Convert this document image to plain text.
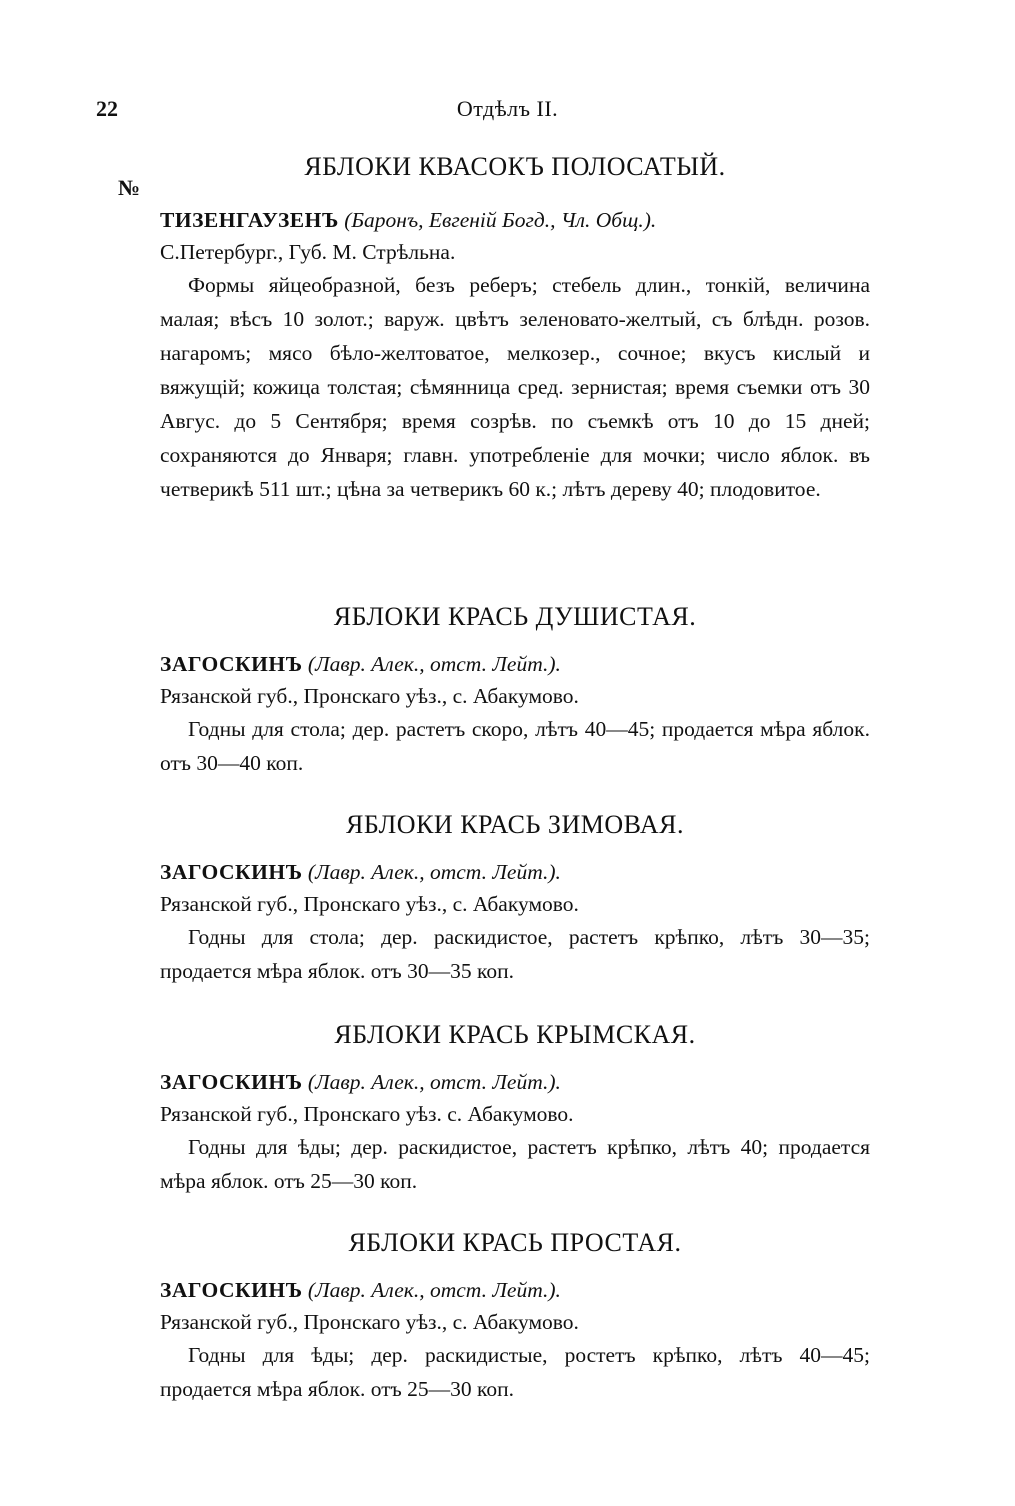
22	Отдѣлъ II.
№
ЯБЛОКИ КВАСОКЪ ПОЛОСАТЫЙ.
ТИЗЕНГАУЗЕНЪ (Баронъ, Евгеній Богд., Чл. Общ.).
С.Петербург., Губ. М. Стрѣльна.

Формы яйцеобразной, безъ реберъ; стебель длин., тонкій, величина малая; вѣсъ 10 золот.; варуж. цвѣтъ зеленовато-желтый, съ блѣдн. розов. нагаромъ; мясо бѣло-желтоватое, мелкозер., сочное; вкусъ кислый и вяжущій; кожица толстая; сѣмянница сред. зернистая; время съемки отъ 30 Авгус. до 5 Сентября; время созрѣв. по съемкѣ отъ 10 до 15 дней; сохраняются до Января; главн. употребленіе для мочки; число яблок. въ четверикѣ 511 шт.; цѣна за четверикъ 60 к.; лѣтъ дереву 40; плодовитое.

ЯБЛОКИ КРАСЬ ДУШИСТАЯ.
ЗАГОСКИНЪ (Лавр. Алек., отст. Лейт.).
Рязанской губ., Пронскаго уѣз., с. Абакумово.

Годны для стола; дер. растетъ скоро, лѣтъ 40—45; продается мѣра яблок. отъ 30—40 коп.

ЯБЛОКИ КРАСЬ ЗИМОВАЯ.
ЗАГОСКИНЪ (Лавр. Алек., отст. Лейт.).
Рязанской губ., Пронскаго уѣз., с. Абакумово.

Годны для стола; дер. раскидистое, растетъ крѣпко, лѣтъ 30—35; продается мѣра яблок. отъ 30—35 коп.

ЯБЛОКИ КРАСЬ КРЫМСКАЯ.
ЗАГОСКИНЪ (Лавр. Алек., отст. Лейт.).
Рязанской губ., Пронскаго уѣз. с. Абакумово.

Годны для ѣды; дер. раскидистое, растетъ крѣпко, лѣтъ 40; продается мѣра яблок. отъ 25—30 коп.

ЯБЛОКИ КРАСЬ ПРОСТАЯ.
ЗАГОСКИНЪ (Лавр. Алек., отст. Лейт.).
Рязанской губ., Пронскаго уѣз., с. Абакумово.

Годны для ѣды; дер. раскидистые, ростетъ крѣпко, лѣтъ 40—45; продается мѣра яблок. отъ 25—30 коп.
